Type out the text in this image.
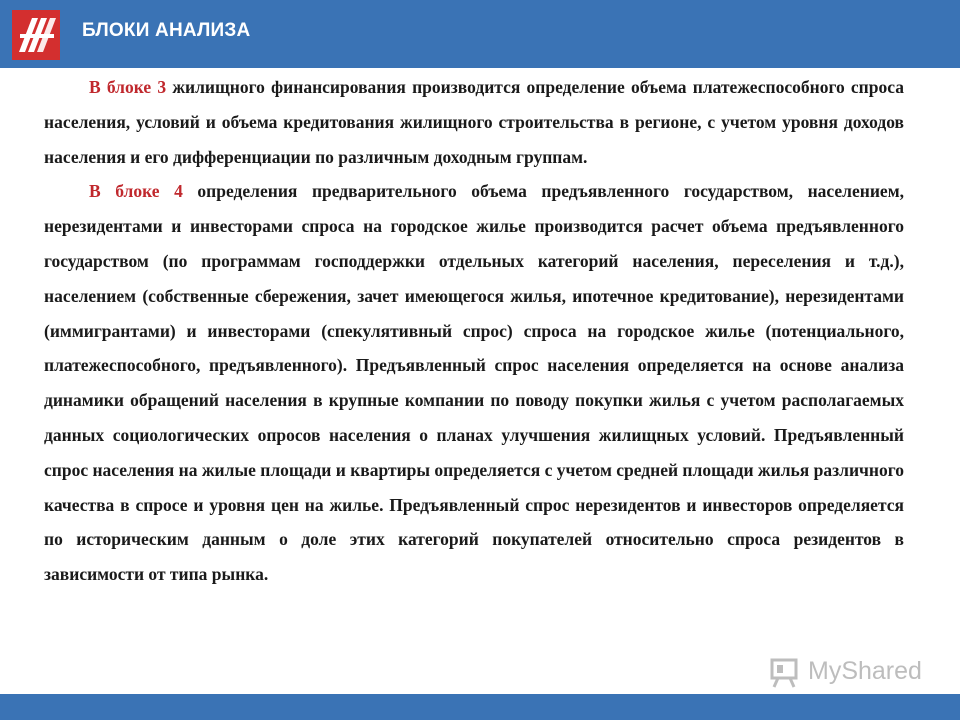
БЛОКИ АНАЛИЗА

В блоке 3 жилищного финансирования производится определение объема платежеспособного спроса населения, условий и объема кредитования жилищного строительства в регионе, с учетом уровня доходов населения и его дифференциации по различным доходным группам.

В блоке 4 определения предварительного объема предъявленного государством, населением, нерезидентами и инвесторами спроса на городское жилье производится расчет объема предъявленного государством (по программам господдержки отдельных категорий населения, переселения и т.д.), населением (собственные сбережения, зачет имеющегося жилья, ипотечное кредитование), нерезидентами (иммигрантами) и инвесторами (спекулятивный спрос) спроса на городское жилье (потенциального, платежеспособного, предъявленного). Предъявленный спрос населения определяется на основе анализа динамики обращений населения в крупные компании по поводу покупки жилья с учетом располагаемых данных социологических опросов населения о планах улучшения жилищных условий. Предъявленный спрос населения на жилые площади и квартиры определяется с учетом средней площади жилья различного качества в спросе и уровня цен на жилье. Предъявленный спрос нерезидентов и инвесторов определяется по историческим данным о доле этих категорий покупателей относительно спроса резидентов в зависимости от типа рынка.

MyShared
